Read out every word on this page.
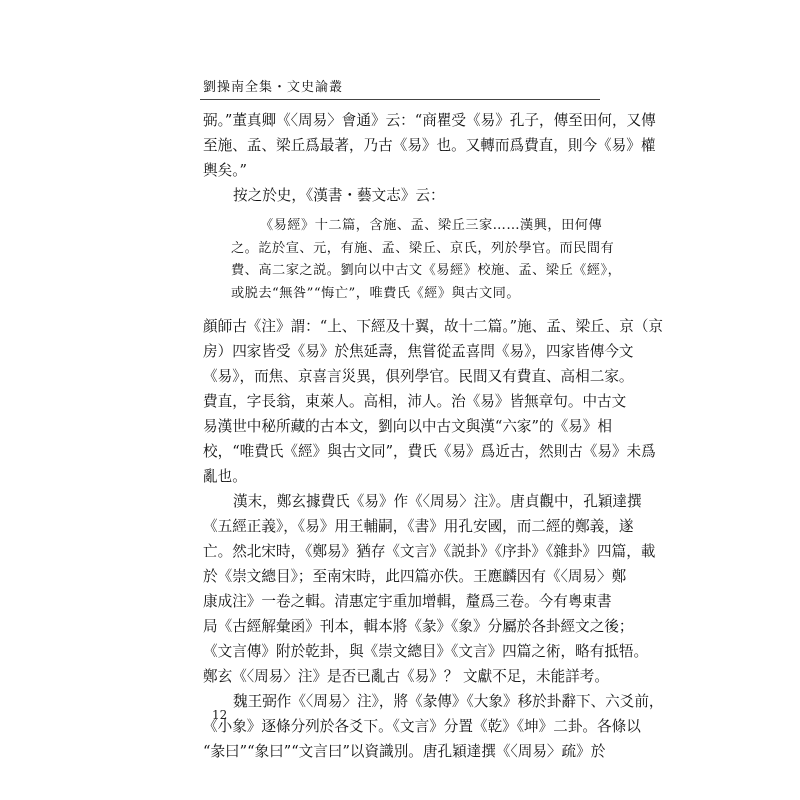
劉操南全集・文史論叢

弼。”董真卿《〈周易〉會通》云：“商瞿受《易》孔子，傳至田何，又傳

至施、孟、梁丘爲最著，乃古《易》也。又轉而爲費直，則今《易》權

輿矣。”

按之於史，《漢書・藝文志》云：

《易經》十二篇，含施、孟、梁丘三家……漢興，田何傳

之。訖於宣、元，有施、孟、梁丘、京氏，列於學官。而民間有

費、高二家之説。劉向以中古文《易經》校施、孟、梁丘《經》，

或脱去“無咎”“悔亡”，唯費氏《經》與古文同。

顔師古《注》謂：“上、下經及十翼，故十二篇。”施、孟、梁丘、京（京

房）四家皆受《易》於焦延壽，焦嘗從孟喜問《易》，四家皆傳今文

《易》，而焦、京喜言災異，俱列學官。民間又有費直、高相二家。

費直，字長翁，東萊人。高相，沛人。治《易》皆無章句。中古文

易漢世中秘所藏的古本文，劉向以中古文與漢“六家”的《易》相

校，“唯費氏《經》與古文同”，費氏《易》爲近古，然則古《易》未爲

亂也。

漢末，鄭玄據費氏《易》作《〈周易〉注》。唐貞觀中，孔穎達撰

《五經正義》，《易》用王輔嗣，《書》用孔安國，而二經的鄭義，遂

亡。然北宋時，《鄭易》猶存《文言》《説卦》《序卦》《雜卦》四篇，載

於《崇文總目》；至南宋時，此四篇亦佚。王應麟因有《〈周易〉鄭

康成注》一卷之輯。清惠定宇重加增輯，釐爲三卷。今有粵東書

局《古經解彙函》刊本，輯本將《彖》《象》分屬於各卦經文之後；

《文言傳》附於乾卦，與《崇文總目》《文言》四篇之術，略有抵牾。

鄭玄《〈周易〉注》是否已亂古《易》？ 文獻不足，未能詳考。

魏王弼作《〈周易〉注》，將《彖傳》《大象》移於卦辭下、六爻前，

《小象》逐條分列於各爻下。《文言》分置《乾》《坤》二卦。各條以

“彖曰”“象曰”“文言曰”以資識別。唐孔穎達撰《〈周易〉疏》於

12
